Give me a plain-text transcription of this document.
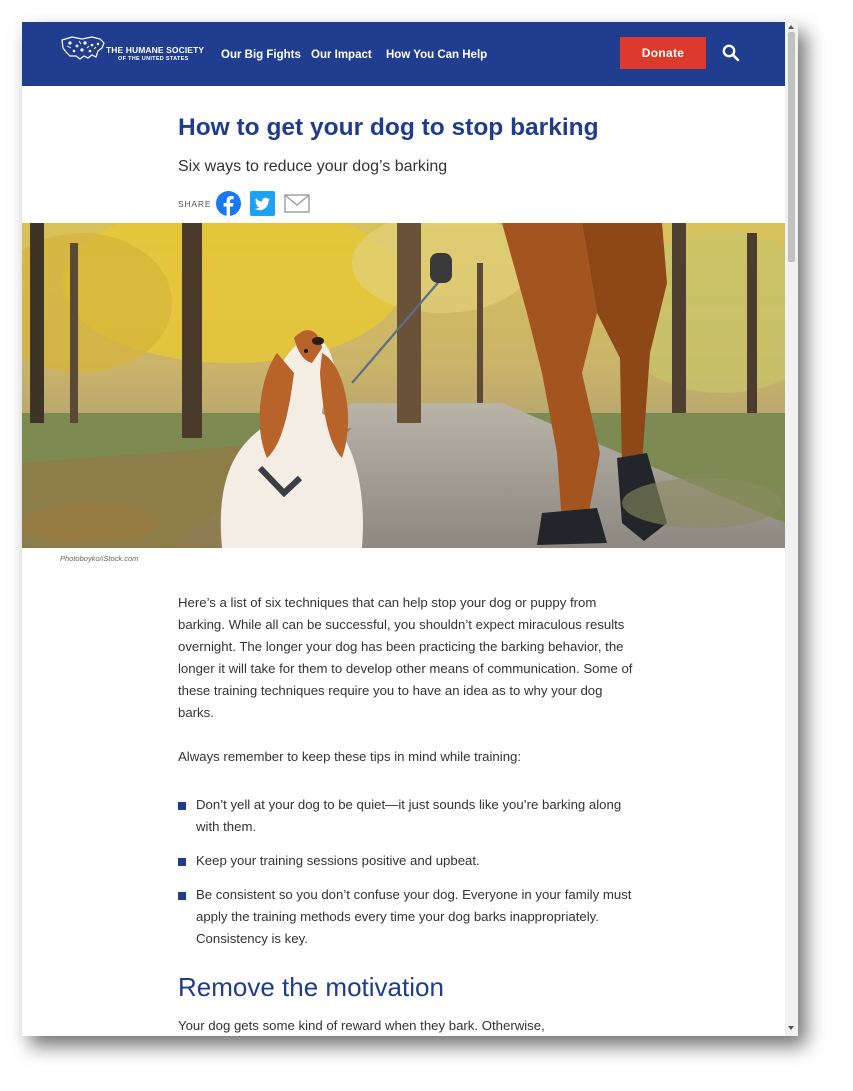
THE HUMANE SOCIETY
OF THE UNITED STATES	Our Big Fights Our Impact How You Can Help	Donate
How to get your dog to stop barking
Six ways to reduce your dog’s barking
SHARE
Photoboyko/iStock.com

Here’s a list of six techniques that can help stop your dog or puppy from barking. While all can be successful, you shouldn’t expect miraculous results overnight. The longer your dog has been practicing the barking behavior, the longer it will take for them to develop other means of communication. Some of these training techniques require you to have an idea as to why your dog barks.

Always remember to keep these tips in mind while training:

Don’t yell at your dog to be quiet—it just sounds like you’re barking along with them.
Keep your training sessions positive and upbeat.
Be consistent so you don’t confuse your dog. Everyone in your family must apply the training methods every time your dog barks inappropriately. Consistency is key.
Remove the motivation

Your dog gets some kind of reward when they bark. Otherwise,
